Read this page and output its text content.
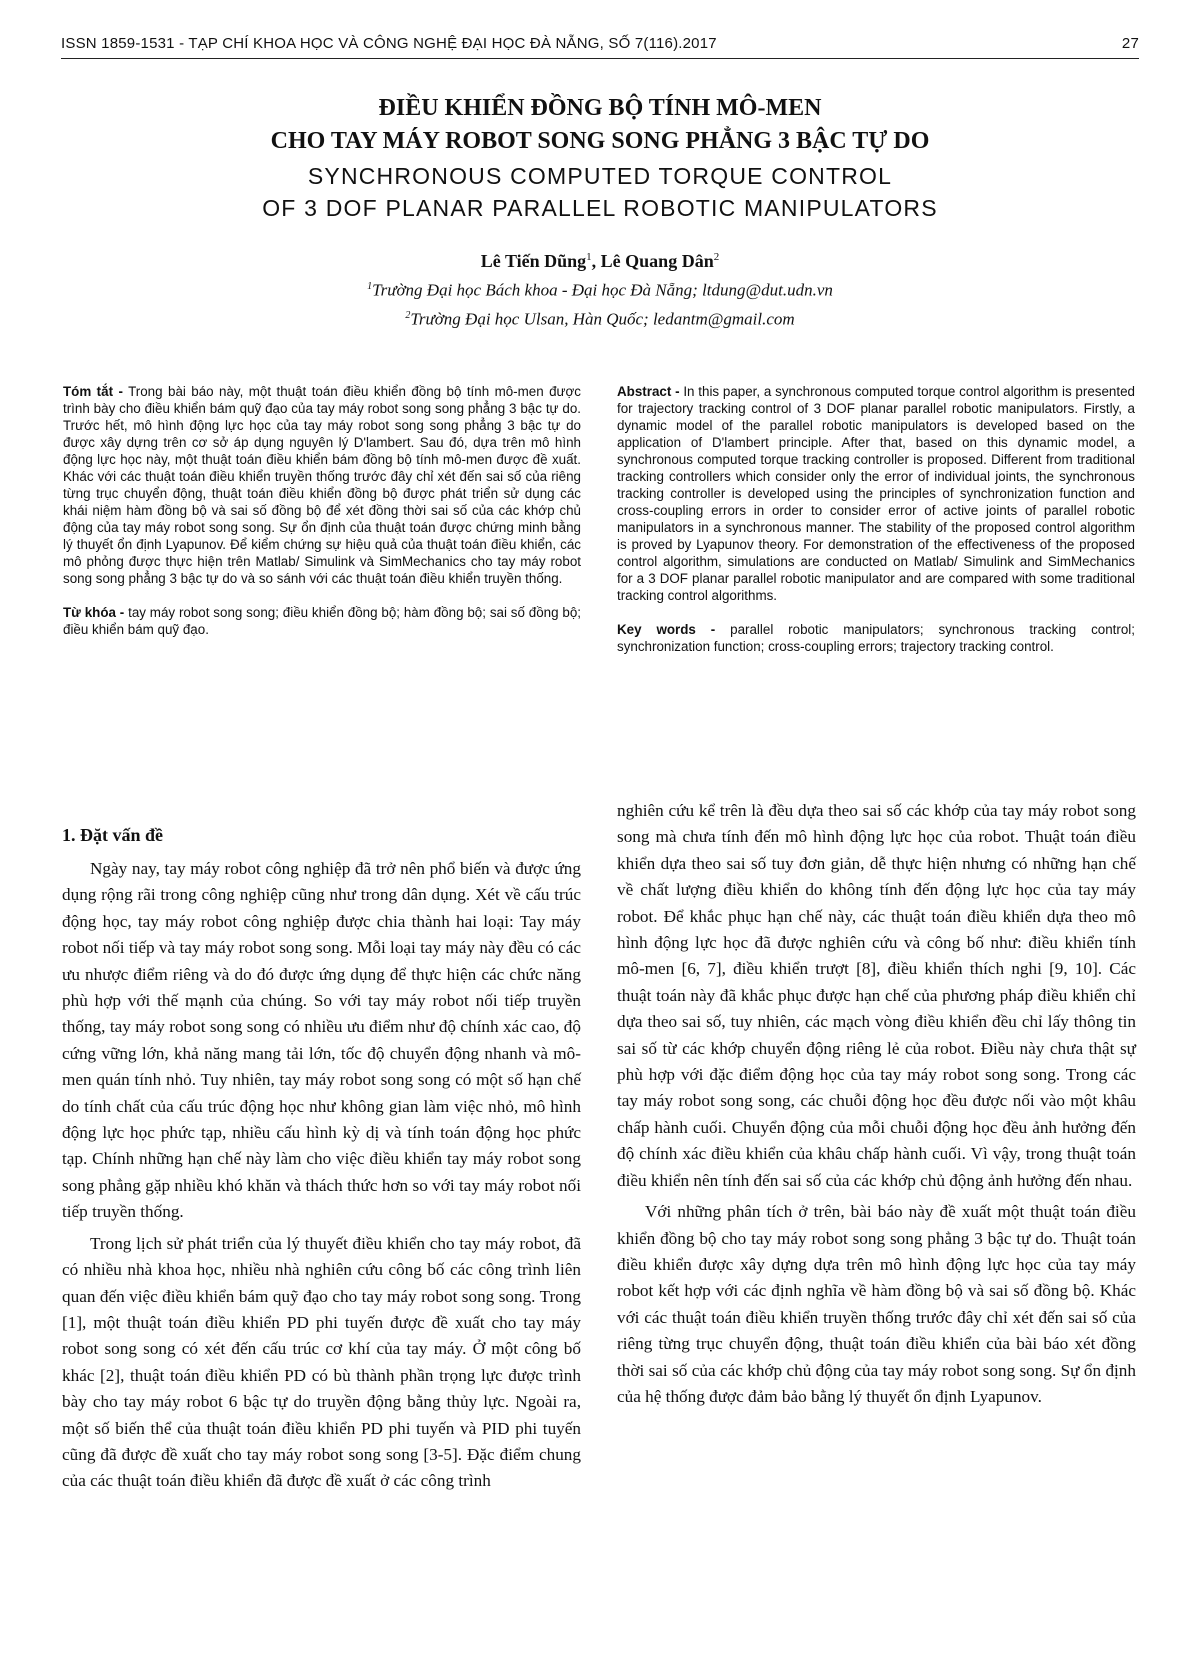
ISSN 1859-1531 - TẠP CHÍ KHOA HỌC VÀ CÔNG NGHỆ ĐẠI HỌC ĐÀ NẴNG, SỐ 7(116).2017	27

ĐIỀU KHIỂN ĐỒNG BỘ TÍNH MÔ-MEN

CHO TAY MÁY ROBOT SONG SONG PHẲNG 3 BẬC TỰ DO

SYNCHRONOUS COMPUTED TORQUE CONTROL

OF 3 DOF PLANAR PARALLEL ROBOTIC MANIPULATORS

Lê Tiến Dũng$^1$, Lê Quang Dân$^2$
$^1$Trường Đại học Bách khoa - Đại học Đà Nẵng; ltdung@dut.udn.vn
$^2$Trường Đại học Ulsan, Hàn Quốc; ledantm@gmail.com

Tóm tắt - Trong bài báo này, một thuật toán điều khiển đồng bộ tính mô-men được trình bày cho điều khiển bám quỹ đạo của tay máy robot song song phẳng 3 bậc tự do. Trước hết, mô hình động lực học của tay máy robot song song phẳng 3 bậc tự do được xây dựng trên cơ sở áp dụng nguyên lý D'lambert. Sau đó, dựa trên mô hình động lực học này, một thuật toán điều khiển bám đồng bộ tính mô-men được đề xuất. Khác với các thuật toán điều khiển truyền thống trước đây chỉ xét đến sai số của riêng từng trục chuyển động, thuật toán điều khiển đồng bộ được phát triển sử dụng các khái niệm hàm đồng bộ và sai số đồng bộ để xét đồng thời sai số của các khớp chủ động của tay máy robot song song. Sự ổn định của thuật toán được chứng minh bằng lý thuyết ổn định Lyapunov. Để kiểm chứng sự hiệu quả của thuật toán điều khiển, các mô phỏng được thực hiện trên Matlab/ Simulink và SimMechanics cho tay máy robot song song phẳng 3 bậc tự do và so sánh với các thuật toán điều khiển truyền thống.

Từ khóa - tay máy robot song song; điều khiển đồng bộ; hàm đồng bộ; sai số đồng bộ; điều khiển bám quỹ đạo.

Abstract - In this paper, a synchronous computed torque control algorithm is presented for trajectory tracking control of 3 DOF planar parallel robotic manipulators. Firstly, a dynamic model of the parallel robotic manipulators is developed based on the application of D'lambert principle. After that, based on this dynamic model, a synchronous computed torque tracking controller is proposed. Different from traditional tracking controllers which consider only the error of individual joints, the synchronous tracking controller is developed using the principles of synchronization function and cross-coupling errors in order to consider error of active joints of parallel robotic manipulators in a synchronous manner. The stability of the proposed control algorithm is proved by Lyapunov theory. For demonstration of the effectiveness of the proposed control algorithm, simulations are conducted on Matlab/ Simulink and SimMechanics for a 3 DOF planar parallel robotic manipulator and are compared with some traditional tracking control algorithms.

Key words - parallel robotic manipulators; synchronous tracking control; synchronization function; cross-coupling errors; trajectory tracking control.

1. Đặt vấn đề

Ngày nay, tay máy robot công nghiệp đã trở nên phổ biến và được ứng dụng rộng rãi trong công nghiệp cũng như trong dân dụng. Xét về cấu trúc động học, tay máy robot công nghiệp được chia thành hai loại: Tay máy robot nối tiếp và tay máy robot song song. Mỗi loại tay máy này đều có các ưu nhược điểm riêng và do đó được ứng dụng để thực hiện các chức năng phù hợp với thế mạnh của chúng. So với tay máy robot nối tiếp truyền thống, tay máy robot song song có nhiều ưu điểm như độ chính xác cao, độ cứng vững lớn, khả năng mang tải lớn, tốc độ chuyển động nhanh và mô-men quán tính nhỏ. Tuy nhiên, tay máy robot song song có một số hạn chế do tính chất của cấu trúc động học như không gian làm việc nhỏ, mô hình động lực học phức tạp, nhiều cấu hình kỳ dị và tính toán động học phức tạp. Chính những hạn chế này làm cho việc điều khiển tay máy robot song song phẳng gặp nhiều khó khăn và thách thức hơn so với tay máy robot nối tiếp truyền thống.

Trong lịch sử phát triển của lý thuyết điều khiển cho tay máy robot, đã có nhiều nhà khoa học, nhiều nhà nghiên cứu công bố các công trình liên quan đến việc điều khiển bám quỹ đạo cho tay máy robot song song. Trong [1], một thuật toán điều khiển PD phi tuyến được đề xuất cho tay máy robot song song có xét đến cấu trúc cơ khí của tay máy. Ở một công bố khác [2], thuật toán điều khiển PD có bù thành phần trọng lực được trình bày cho tay máy robot 6 bậc tự do truyền động bằng thủy lực. Ngoài ra, một số biến thể của thuật toán điều khiển PD phi tuyến và PID phi tuyến cũng đã được đề xuất cho tay máy robot song song [3-5]. Đặc điểm chung của các thuật toán điều khiển đã được đề xuất ở các công trình

nghiên cứu kể trên là đều dựa theo sai số các khớp của tay máy robot song song mà chưa tính đến mô hình động lực học của robot. Thuật toán điều khiển dựa theo sai số tuy đơn giản, dễ thực hiện nhưng có những hạn chế về chất lượng điều khiển do không tính đến động lực học của tay máy robot. Để khắc phục hạn chế này, các thuật toán điều khiển dựa theo mô hình động lực học đã được nghiên cứu và công bố như: điều khiển tính mô-men [6, 7], điều khiển trượt [8], điều khiển thích nghi [9, 10]. Các thuật toán này đã khắc phục được hạn chế của phương pháp điều khiển chỉ dựa theo sai số, tuy nhiên, các mạch vòng điều khiển đều chỉ lấy thông tin sai số từ các khớp chuyển động riêng lẻ của robot. Điều này chưa thật sự phù hợp với đặc điểm động học của tay máy robot song song. Trong các tay máy robot song song, các chuỗi động học đều được nối vào một khâu chấp hành cuối. Chuyển động của mỗi chuỗi động học đều ảnh hưởng đến độ chính xác điều khiển của khâu chấp hành cuối. Vì vậy, trong thuật toán điều khiển nên tính đến sai số của các khớp chủ động ảnh hưởng đến nhau.

Với những phân tích ở trên, bài báo này đề xuất một thuật toán điều khiển đồng bộ cho tay máy robot song song phẳng 3 bậc tự do. Thuật toán điều khiển được xây dựng dựa trên mô hình động lực học của tay máy robot kết hợp với các định nghĩa về hàm đồng bộ và sai số đồng bộ. Khác với các thuật toán điều khiển truyền thống trước đây chỉ xét đến sai số của riêng từng trục chuyển động, thuật toán điều khiển của bài báo xét đồng thời sai số của các khớp chủ động của tay máy robot song song. Sự ổn định của hệ thống được đảm bảo bằng lý thuyết ổn định Lyapunov.
